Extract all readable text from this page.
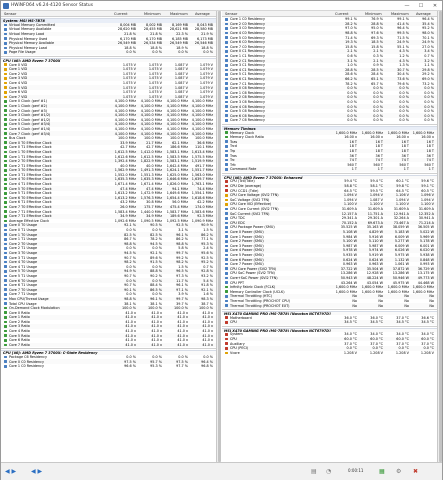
HWiNFO64 v6.24-4120 Sensor Status	—	☐	✕
Sensor	Current	Minimum	Maximum Average
System: MSI MS-7B78
Virtual Memory Committed	8,004 MB	8,002 MB	8,169 MB	8,043 MB
Virtual Memory Available	28,620 MB 28,455 MB 28,621 MB 28,580 MB
Virtual Memory Load	21.8 %	21.8 %	22.3 %	21.9 %
Physical Memory Used	6,170 MB	6,170 MB	6,185 MB	6,173 MB
Physical Memory Available	26,549 MB 26,534 MB 26,549 MB 26,546 MB
Physical Memory Load	18.8 %	18.8 %	18.9 %	18.8 %
Page File Usage	0.0 %	0.0 %	0.0 %	0.0 %
CPU [#0]: AMD Ryzen 7 3700X
Core 0 VID	1.075 V	1.075 V	1.087 V	1.079 V
Core 1 VID	1.075 V	1.075 V	1.087 V	1.079 V
Core 2 VID	1.075 V	1.075 V	1.087 V	1.079 V
Core 3 VID	1.075 V	1.075 V	1.087 V	1.079 V
Core 4 VID	1.075 V	1.075 V	1.087 V	1.079 V
Core 5 VID	1.075 V	1.075 V	1.087 V	1.079 V
Core 6 VID	1.075 V	1.075 V	1.087 V	1.079 V
Core 7 VID	1.075 V	1.075 V	1.087 V	1.079 V
Core 0 Clock (perf #1)	4,100.0 MHz 4,100.0 MHz 4,100.0 MHz 4,100.0 MHz
Core 1 Clock (perf #2)	4,100.0 MHz 4,100.0 MHz 4,100.0 MHz 4,100.0 MHz
Core 2 Clock (perf #3)	4,100.0 MHz 4,100.0 MHz 4,100.0 MHz 4,100.0 MHz
Core 3 Clock (perf #1/2)	4,100.0 MHz 4,100.0 MHz 4,100.0 MHz 4,100.0 MHz
Core 4 Clock (perf #1/2)	4,100.0 MHz 4,100.0 MHz 4,100.0 MHz 4,100.0 MHz
Core 5 Clock (perf #3/4)	4,100.0 MHz 4,100.0 MHz 4,100.0 MHz 4,100.0 MHz
Core 6 Clock (perf #1/4)	4,100.0 MHz 4,100.0 MHz 4,100.0 MHz 4,100.0 MHz
Core 7 Clock (perf #3/4)	4,100.0 MHz 4,100.0 MHz 4,100.0 MHz 4,100.0 MHz
Bus Clock	100.0 MHz 100.0 MHz 100.0 MHz 100.0 MHz
Core 0 T0 Effective Clock	33.9 MHz	21.7 MHz	62.1 MHz	36.6 MHz
Core 0 T1 Effective Clock	42.7 MHz	42.7 MHz 186.6 MHz 110.1 MHz
Core 1 T0 Effective Clock	1,612.5 MHz 1,412.0 MHz 1,583.1 MHz 1,613.4 MHz
Core 1 T1 Effective Clock	1,612.6 MHz 1,612.5 MHz 1,583.5 MHz 1,575.5 MHz
Core 2 T0 Effective Clock	1,392.4 MHz 1,822.9 MHz 1,583.1 MHz 1,519.9 MHz
Core 2 T1 Effective Clock	40.0 MHz	40.0 MHz 1,642.4 MHz 491.7 MHz
Core 3 T0 Effective Clock	1,562.9 MHz 1,491.3 MHz 1,624.1 MHz 1,551.7 MHz
Core 3 T1 Effective Clock	1,552.0 MHz 1,551.3 MHz 1,625.0 MHz 1,563.0 MHz
Core 4 T0 Effective Clock	1,635.3 MHz 1,635.3 MHz 1,646.6 MHz 1,639.7 MHz
Core 4 T1 Effective Clock	1,671.4 MHz 1,671.4 MHz 1,826.0 MHz 1,763.1 MHz
Core 5 T0 Effective Clock	47.4 MHz	47.4 MHz	94.1 MHz	74.4 MHz
Core 5 T1 Effective Clock	1,613.2 MHz 1,472.9 MHz 1,649.6 MHz 1,554.1 MHz
Core 6 T0 Effective Clock	1,613.2 MHz 1,576.3 MHz 1,654.4 MHz 1,618.6 MHz
Core 6 T1 Effective Clock	43.2 MHz	30.8 MHz	56.0 MHz	42.2 MHz
Core 7 T0 Effective Clock	26.0 MHz 175.7 MHz 475.4 MHz 174.0 MHz
Core 7 T1 Effective Clock	1,583.4 MHz 1,440.0 MHz 1,583.7 MHz 1,583.6 MHz
Core 7 T1 Effective Clock	34.9 MHz	34.9 MHz 189.6 MHz	92.3 MHz
Average Effective Clock	1,092.6 MHz 1,090.5 MHz 1,092.5 MHz 1,090.9 MHz
Core 0 T0 Usage	92.1 %	90.5 %	92.5 %	90.9 %
Core 0 T1 Usage	0.0 %	0.0 %	3.1 %	1.5 %
Core 1 T0 Usage	82.5 %	82.5 %	96.1 %	86.2 %
Core 1 T1 Usage	86.7 %	78.2 %	86.2 %	77.1 %
Core 2 T0 Usage	98.8 %	94.5 %	98.8 %	95.3 %
Core 2 T1 Usage	0.0 %	0.0 %	5.8 %	2.4 %
Core 3 T0 Usage	94.5 %	92.1 %	99.7 %	95.6 %
Core 3 T1 Usage	90.7 %	89.6 %	99.2 %	92.5 %
Core 4 T0 Usage	98.2 %	91.5 %	98.2 %	95.2 %
Core 4 T1 Usage	0.0 %	0.0 %	1.5 %	0.7 %
Core 5 T0 Usage	94.9 %	88.8 %	96.5 %	92.8 %
Core 5 T1 Usage	90.7 %	90.2 %	97.3 %	93.2 %
Core 6 T0 Usage	0.0 %	0.0 %	11.7 %	5.4 %
Core 6 T1 Usage	90.7 %	88.4 %	96.1 %	91.8 %
Core 7 T0 Usage	90.1 %	86.5 %	97.1 %	92.1 %
Core 7 T1 Usage	0.0 %	0.0 %	3.9 %	1.6 %
Max CPU/Thread Usage	98.8 %	96.1 %	99.7 %	98.3 %
Total CPU Usage	38.1 %	38.1 %	39.7 %	38.7 %
On-Demand Clock Modulation	100.0 %	100.0 %	100.0 %	100.0 %
Core 0 Ratio	41.0 x	41.0 x	41.0 x	41.0 x
Core 1 Ratio	41.0 x	41.0 x	41.0 x	41.0 x
Core 2 Ratio	41.0 x	41.0 x	41.0 x	41.0 x
Core 3 Ratio	41.0 x	41.0 x	41.0 x	41.0 x
Core 4 Ratio	41.0 x	41.0 x	41.0 x	41.0 x
Core 5 Ratio	41.0 x	41.0 x	41.0 x	41.0 x
Core 6 Ratio	41.0 x	41.0 x	41.0 x	41.0 x
Core 7 Ratio	41.0 x	41.0 x	41.0 x	41.0 x
CPU [#0]: AMD Ryzen 7 3700X: C-State Residency
Package C6 Residency	0.0 %	0.0 %	0.0 %	0.0 %
Core 0 C0 Residency	97.5 %	95.7 %	97.5 %	96.4 %
Core 1 C0 Residency	96.6 %	95.3 %	97.7 %	96.8 %
Sensor	Current	Minimum	Maximum Average
Core 1 C0 Residency	99.1 %	76.9 %	99.1 %	96.4 %
Core 2 C0 Residency	28.2 %	28.8 %	41.4 %	35.4 %
Core 3 C0 Residency	97.0 %	95.0 %	96.4 %	95.2 %
Core 4 C0 Residency	98.8 %	97.6 %	99.5 %	98.0 %
Core 5 C0 Residency	71.4 %	69.3 %	71.5 %	70.1 %
Core 6 C0 Residency	19.3 %	18.5 %	24.9 %	24.9 %
Core 7 C0 Residency	15.8 %	15.8 %	55.1 %	27.0 %
Core 0 C1 Residency	2.1 %	2.1 %	4.3 %	3.4 %
Core 1 C1 Residency	0.6 %	0.3 %	1.2 %	0.7 %
Core 2 C1 Residency	3.1 %	2.1 %	4.3 %	3.2 %
Core 3 C1 Residency	1.0 %	0.9 %	1.3 %	1.1 %
Core 4 C1 Residency	28.8 %	28.5 %	30.7 %	29.8 %
Core 5 C1 Residency	28.6 %	28.4 %	30.4 %	29.2 %
Core 6 C1 Residency	66.2 %	65.1 %	73.6 %	69.0 %
Core 7 C1 Residency	78.2 %	65.7 %	79.6 %	73.2 %
Core 0 C6 Residency	0.0 %	0.0 %	0.0 %	0.0 %
Core 1 C6 Residency	0.0 %	0.0 %	0.0 %	0.0 %
Core 2 C6 Residency	0.0 %	0.0 %	0.0 %	0.0 %
Core 3 C6 Residency	0.0 %	0.0 %	0.0 %	0.0 %
Core 4 C6 Residency	0.0 %	0.0 %	0.0 %	0.0 %
Core 5 C6 Residency	0.0 %	0.0 %	0.0 %	0.0 %
Core 6 C6 Residency	0.0 %	0.0 %	0.0 %	0.0 %
Core 7 C6 Residency	0.0 %	0.0 %	0.0 %	0.0 %
Memory Timings
Memory Clock	1,600.0 MHz 1,600.0 MHz 1,600.0 MHz 1,600.0 MHz
Memory Clock Ratio	16.00 x	16.00 x	16.00 x	16.00 x
Tcas	16 T	16 T	16 T	16 T
Trcd	18 T	18 T	18 T	18 T
Trp	18 T	18 T	18 T	18 T
Tras	36 T	36 T	36 T	36 T
Trc	74 T	74 T	74 T	74 T
Trfc	560 T	560 T	560 T	560 T
Command Rate	1 T	1 T	1 T	1 T
CPU [#0]: AMD Ryzen 7 3700X: Enhanced
CPU (Tctl/Tdie)	59.4 °C	59.4 °C	60.1 °C	59.6 °C
CPU Die (average)	58.8 °C	58.1 °C	59.8 °C	59.1 °C
CPU CCD1 (Tdie)	64.5 °C	59.5 °C	64.5 °C	60.5 °C
CPU Core Voltage (SVI2 TFN)	1.094 V	1.094 V	1.106 V	1.096 V
SoC Voltage (SVI2 TFN)	1.094 V	1.087 V	1.094 V	1.094 V
CPU Core VID (Effective)	1.100 V	1.100 V	1.100 V	1.100 V
CPU Core Current (SVI2 TFN)	31.609 A	31.609 A	31.609 A	31.609 A
SoC Current (SVI2 TFN)	12.157 A	11.751 A	12.941 A	12.352 A
CPU TDC	29.341 A	29.301 A	32.264 A	30.941 A
CPU EDC	70.152 A	69.673 A	73.467 A	71.214 A
CPU Package Power (SMU)	35.525 W	35.163 W	38.059 W	36.505 W
Core 0 Power (SMU)	5.108 W	4.829 W	5.183 W	5.022 W
Core 1 Power (SMU)	5.984 W	5.916 W	6.009 W	5.969 W
Core 2 Power (SMU)	5.100 W	5.110 W	5.277 W	5.178 W
Core 3 Power (SMU)	5.987 W	5.987 W	6.009 W	6.001 W
Core 4 Power (SMU)	5.978 W	5.974 W	6.026 W	6.020 W
Core 5 Power (SMU)	5.935 W	5.919 W	5.975 W	5.938 W
Core 6 Power (SMU)	0.624 W	0.624 W	1.132 W	0.848 W
Core 7 Power (SMU)	0.963 W	0.963 W	1.061 W	0.993 W
CPU Core Power (SVI2 TFN)	37.722 W	35.504 W	37.872 W	36.729 W
CPU SoC Power (SVI2 TFN)	13.286 W	12.928 W	13.286 W	13.175 W
Core+SoC Power (SVI2 TFN)	50.943 W	48.224 W	50.946 W	49.773 W
CPU PPT	43.264 W	43.054 W	45.975 W	44.468 W
Infinity Fabric Clock (FCLK)	1,600.0 MHz 1,600.0 MHz 1,600.0 MHz 1,600.0 MHz
Memory Controller Clock (UCLK)	1,600.0 MHz 1,600.0 MHz 1,600.0 MHz 1,600.0 MHz
Thermal Throttling (HTC)	No	No	No	No
Thermal Throttling (PROCHOT CPU)	No	No	No	No
Thermal Throttling (PROCHOT EXT)	No	No	No	No
MSI X470 GAMING PRO (MS-7B78) [Nuvoton NCT6797D]
Motherboard	36.0 °C	36.0 °C	37.0 °C	36.6 °C
CPU	34.5 °C	34.5 °C	34.5 °C	34.5 °C
MSI X470 GAMING PRO (MS-7B78) [Nuvoton NCT6797D]
System	34.0 °C	34.0 °C	34.0 °C	34.0 °C
CPU	60.0 °C	60.0 °C	60.0 °C	60.0 °C
Auxiliary	37.0 °C	37.0 °C	37.0 °C	37.0 °C
CPU (PECI)	0.0 °C	0.0 °C	0.0 °C	0.0 °C
Vcore	1.208 V	1.208 V	1.208 V	1.208 V
◀ ▶ ◀ ▶	▤ ◔	0:00:11	▦ ⚙ ✖
